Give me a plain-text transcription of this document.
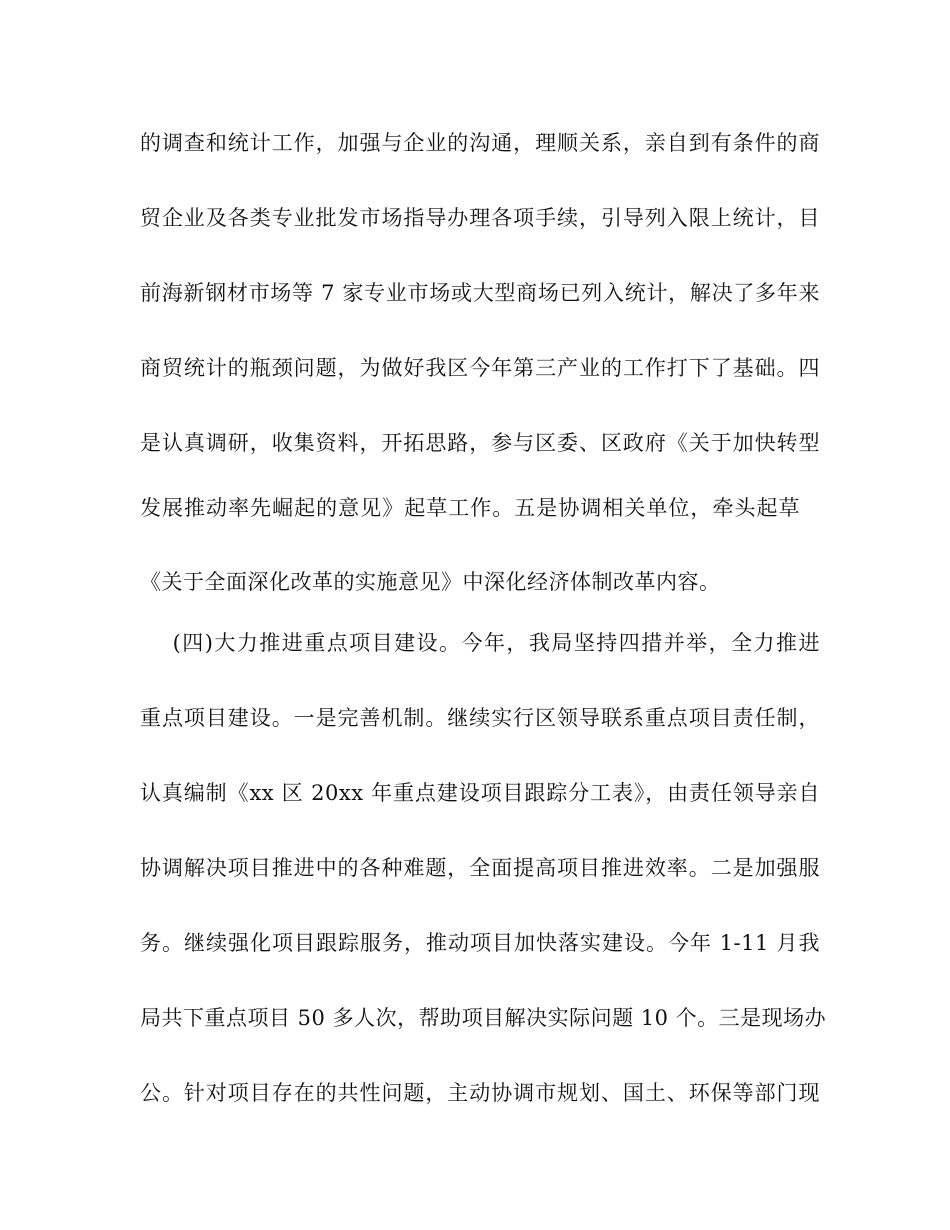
的调查和统计工作，加强与企业的沟通，理顺关系，亲自到有条件的商
贸企业及各类专业批发市场指导办理各项手续，引导列入限上统计，目
前海新钢材市场等 7 家专业市场或大型商场已列入统计，解决了多年来
商贸统计的瓶颈问题，为做好我区今年第三产业的工作打下了基础。四
是认真调研，收集资料，开拓思路，参与区委、区政府《关于加快转型
发展推动率先崛起的意见》起草工作。五是协调相关单位，牵头起草
《关于全面深化改革的实施意见》中深化经济体制改革内容。
(四)大力推进重点项目建设。今年，我局坚持四措并举，全力推进
重点项目建设。一是完善机制。继续实行区领导联系重点项目责任制，
认真编制《xx 区 20xx 年重点建设项目跟踪分工表》，由责任领导亲自
协调解决项目推进中的各种难题，全面提高项目推进效率。二是加强服
务。继续强化项目跟踪服务，推动项目加快落实建设。今年 1-11 月我
局共下重点项目 50 多人次，帮助项目解决实际问题 10 个。三是现场办
公。针对项目存在的共性问题，主动协调市规划、国土、环保等部门现
